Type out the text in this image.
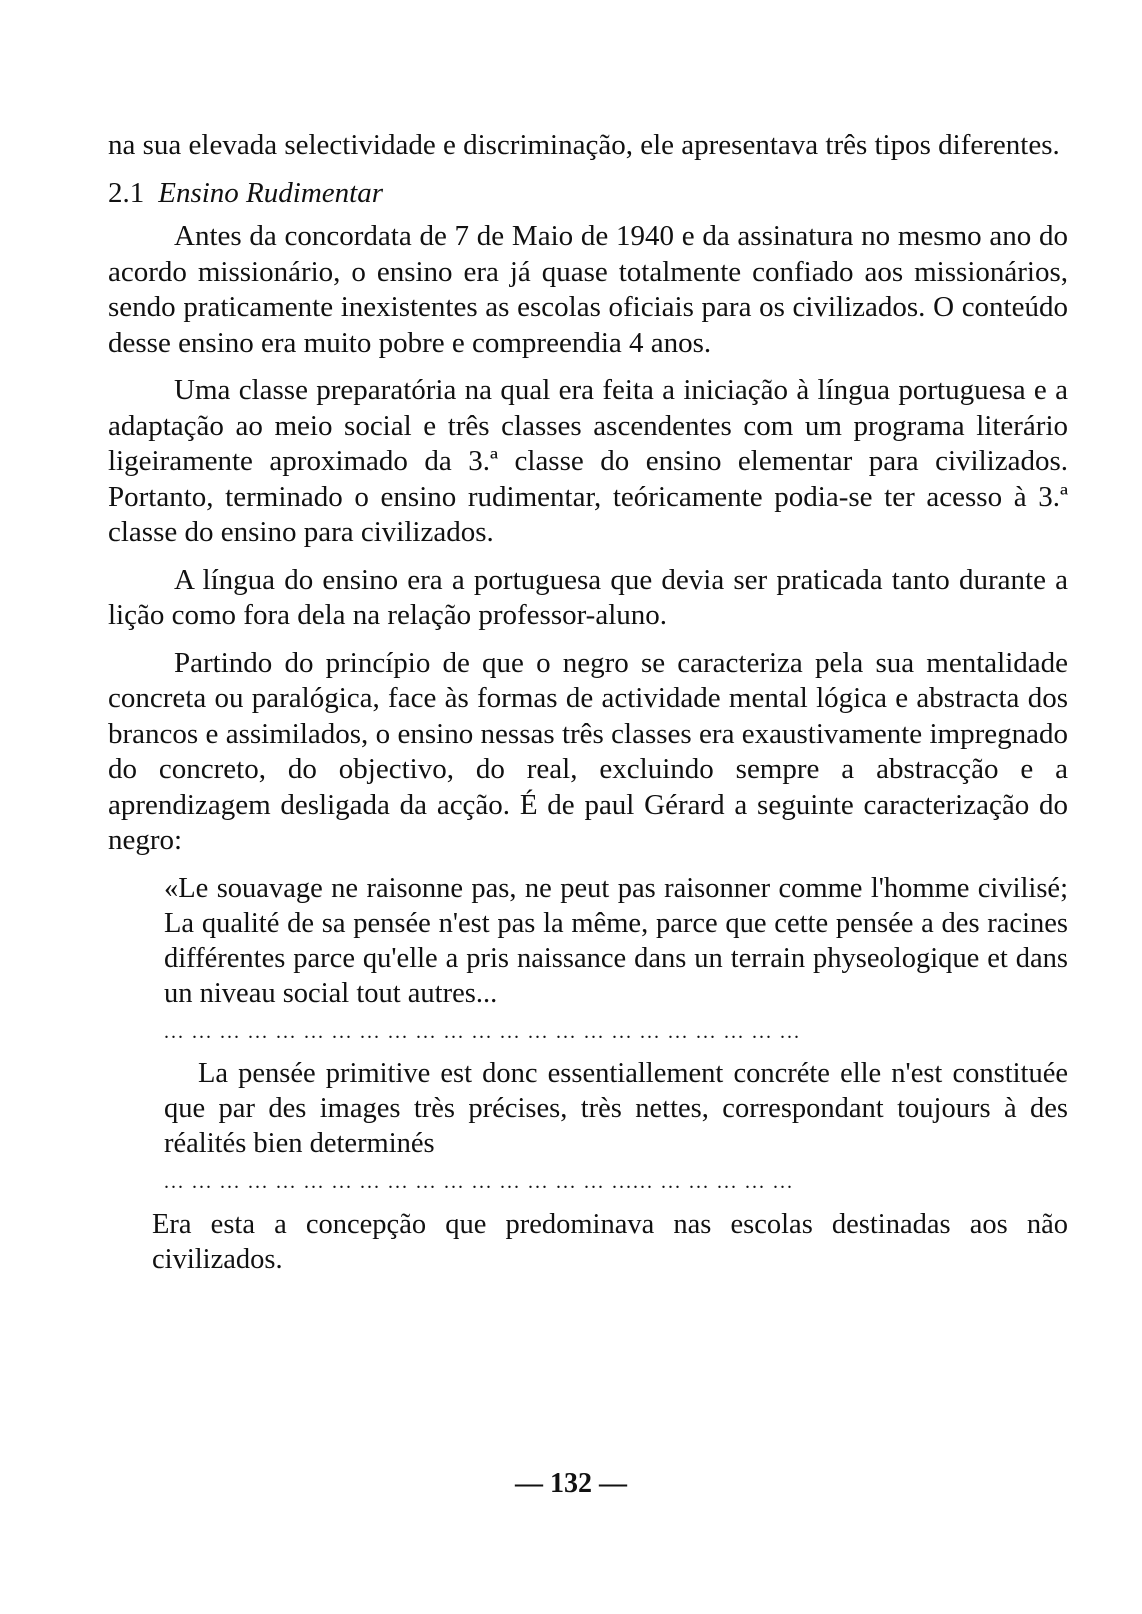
na sua elevada selectividade e discriminação, ele apresentava três tipos diferentes.

2.1 Ensino Rudimentar

Antes da concordata de 7 de Maio de 1940 e da assinatura no mesmo ano do acordo missionário, o ensino era já quase totalmente confiado aos missionários, sendo praticamente inexistentes as escolas oficiais para os civilizados. O conteúdo desse ensino era muito pobre e compreendia 4 anos.

Uma classe preparatória na qual era feita a iniciação à língua portuguesa e a adaptação ao meio social e três classes ascendentes com um programa literário ligeiramente aproximado da 3.ª classe do ensino elementar para civilizados. Portanto, terminado o ensino rudimentar, teóricamente podia-se ter acesso à 3.ª classe do ensino para civilizados.

A língua do ensino era a portuguesa que devia ser praticada tanto durante a lição como fora dela na relação professor-aluno.

Partindo do princípio de que o negro se caracteriza pela sua mentalidade concreta ou paralógica, face às formas de actividade mental lógica e abstracta dos brancos e assimilados, o ensino nessas três classes era exaustivamente impregnado do concreto, do objectivo, do real, excluindo sempre a abstracção e a aprendizagem desligada da acção. É de paul Gérard a seguinte caracterização do negro:

«Le souavage ne raisonne pas, ne peut pas raisonner comme l'homme civilisé; La qualité de sa pensée n'est pas la même, parce que cette pensée a des racines différentes parce qu'elle a pris naissance dans un terrain physeologique et dans un niveau social tout autres...

... ... ... ... ... ... ... ... ... ... ... ... ... ... ... ... ... ... ... ... ... ... ...

La pensée primitive est donc essentiallement concréte elle n'est constituée que par des images très précises, très nettes, correspondant toujours à des réalités bien determinés

... ... ... ... ... ... ... ... ... ... ... ... ... ... ... ... ...... ... ... ... ... ...

Era esta a concepção que predominava nas escolas destinadas aos não civilizados.

— 132 —
